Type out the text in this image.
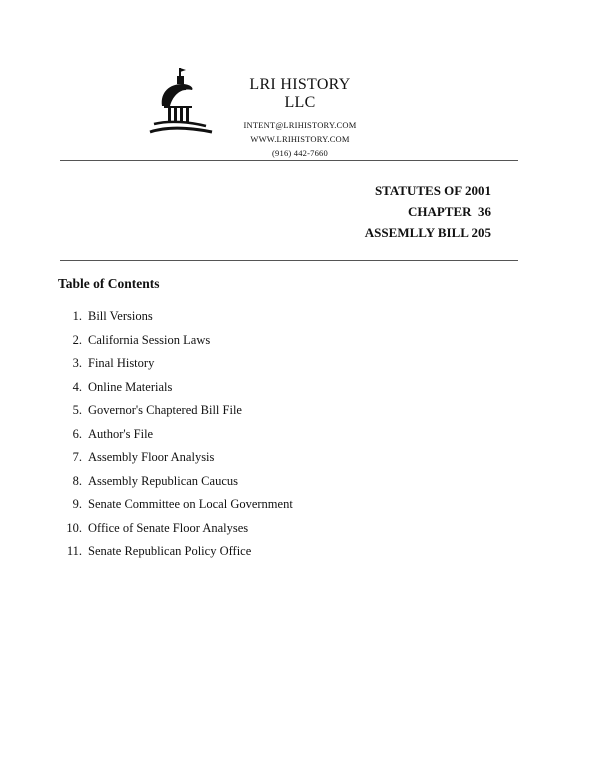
LRI HISTORY LLC
INTENT@LRIHISTORY.COM
WWW.LRIHISTORY.COM
(916) 442-7660
STATUTES OF 2001
CHAPTER  36
ASSEMLLY BILL 205
Table of Contents
1. Bill Versions
2. California Session Laws
3. Final History
4. Online Materials
5. Governor's Chaptered Bill File
6. Author's File
7. Assembly Floor Analysis
8. Assembly Republican Caucus
9. Senate Committee on Local Government
10. Office of Senate Floor Analyses
11. Senate Republican Policy Office
